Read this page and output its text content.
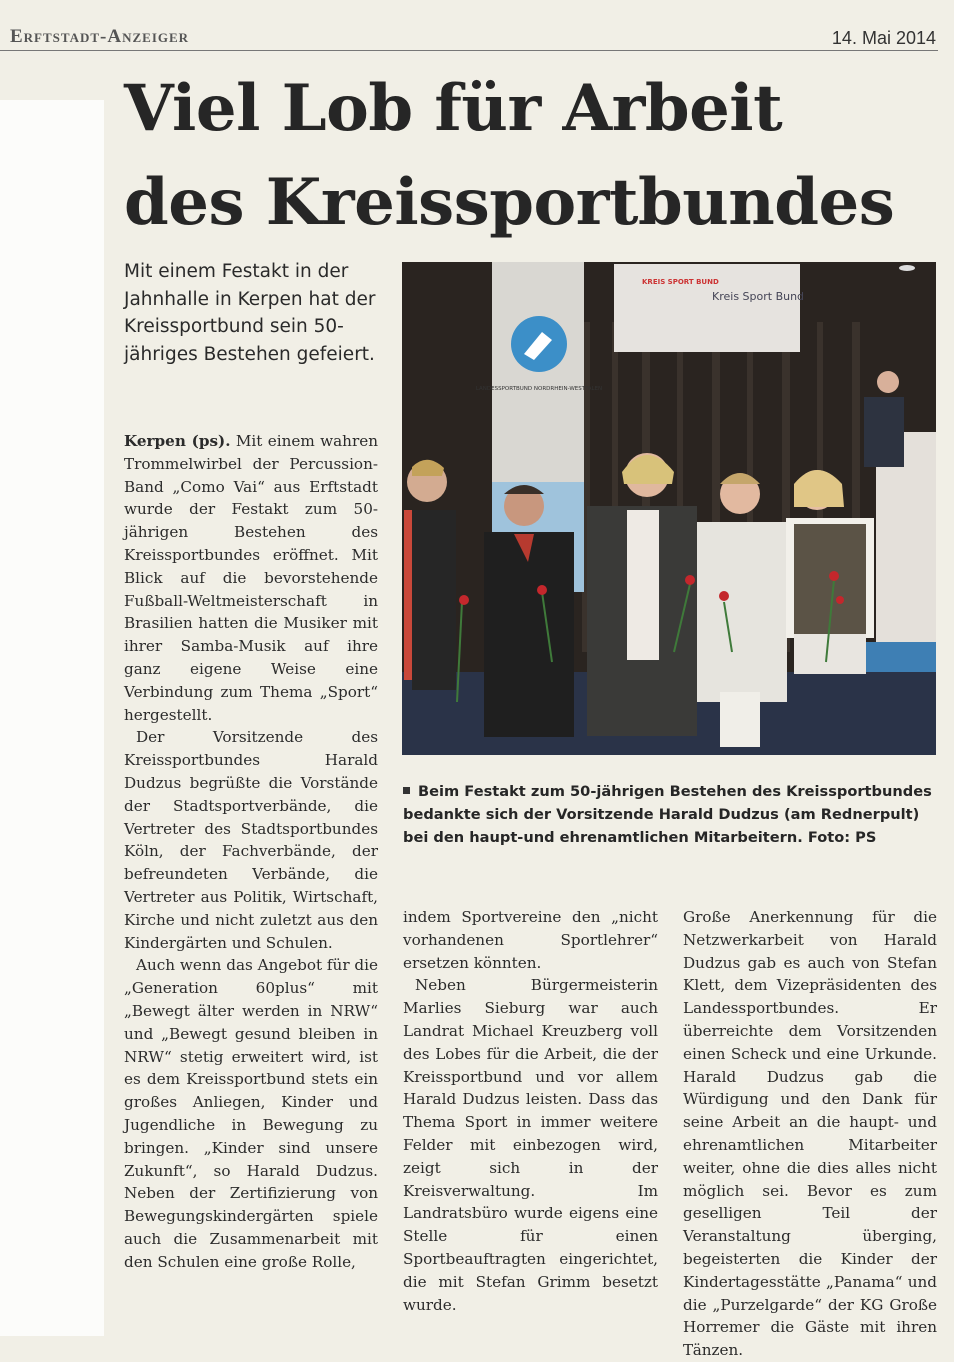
Erftstadt-Anzeiger	14. Mai 2014
Viel Lob für Arbeit
des Kreissportbundes
Mit einem Festakt in der Jahnhalle in Kerpen hat der Kreissportbund sein 50-jähriges Bestehen gefeiert.
LANDESSPORTBUND NORDRHEIN-WESTFALEN
KREIS SPORT BUND
Kreis Sport Bund
Beim Festakt zum 50-jährigen Bestehen des Kreissportbundes bedankte sich der Vorsitzende Harald Dudzus (am Rednerpult) bei den haupt-und ehrenamtlichen Mitarbeitern. Foto: PS

Kerpen (ps). Mit einem wahren Trommelwirbel der Percussion-Band „Como Vai“ aus Erftstadt wurde der Festakt zum 50-jährigen Bestehen des Kreissportbundes eröffnet. Mit Blick auf die bevorstehende Fußball-Weltmeisterschaft in Brasilien hatten die Musiker mit ihrer Samba-Musik auf ihre ganz eigene Weise eine Verbindung zum Thema „Sport“ hergestellt.

Der Vorsitzende des Kreissportbundes Harald Dudzus begrüßte die Vorstände der Stadtsportverbände, die Vertreter des Stadtsportbundes Köln, der Fachverbände, der befreundeten Verbände, die Vertreter aus Politik, Wirtschaft, Kirche und nicht zuletzt aus den Kindergärten und Schulen.

Auch wenn das Angebot für die „Generation 60plus“ mit „Bewegt älter werden in NRW“ und „Bewegt gesund bleiben in NRW“ stetig erweitert wird, ist es dem Kreissportbund stets ein großes Anliegen, Kinder und Jugendliche in Bewegung zu bringen. „Kinder sind unsere Zukunft“, so Harald Dudzus. Neben der Zertifizierung von Bewegungskindergärten spiele auch die Zusammenarbeit mit den Schulen eine große Rolle,

indem Sportvereine den „nicht vorhandenen Sportlehrer“ ersetzen könnten.

Neben Bürgermeisterin Marlies Sieburg war auch Landrat Michael Kreuzberg voll des Lobes für die Arbeit, die der Kreissportbund und vor allem Harald Dudzus leisten. Dass das Thema Sport in immer weitere Felder mit einbezogen wird, zeigt sich in der Kreisverwaltung. Im Landratsbüro wurde eigens eine Stelle für einen Sportbeauftragten eingerichtet, die mit Stefan Grimm besetzt wurde.

Große Anerkennung für die Netzwerkarbeit von Harald Dudzus gab es auch von Stefan Klett, dem Vizepräsidenten des Landessportbundes. Er überreichte dem Vorsitzenden einen Scheck und eine Urkunde. Harald Dudzus gab die Würdigung und den Dank für seine Arbeit an die haupt- und ehrenamtlichen Mitarbeiter weiter, ohne die dies alles nicht möglich sei. Bevor es zum geselligen Teil der Veranstaltung überging, begeisterten die Kinder der Kindertagesstätte „Panama“ und die „Purzelgarde“ der KG Große Horremer die Gäste mit ihren Tänzen.
